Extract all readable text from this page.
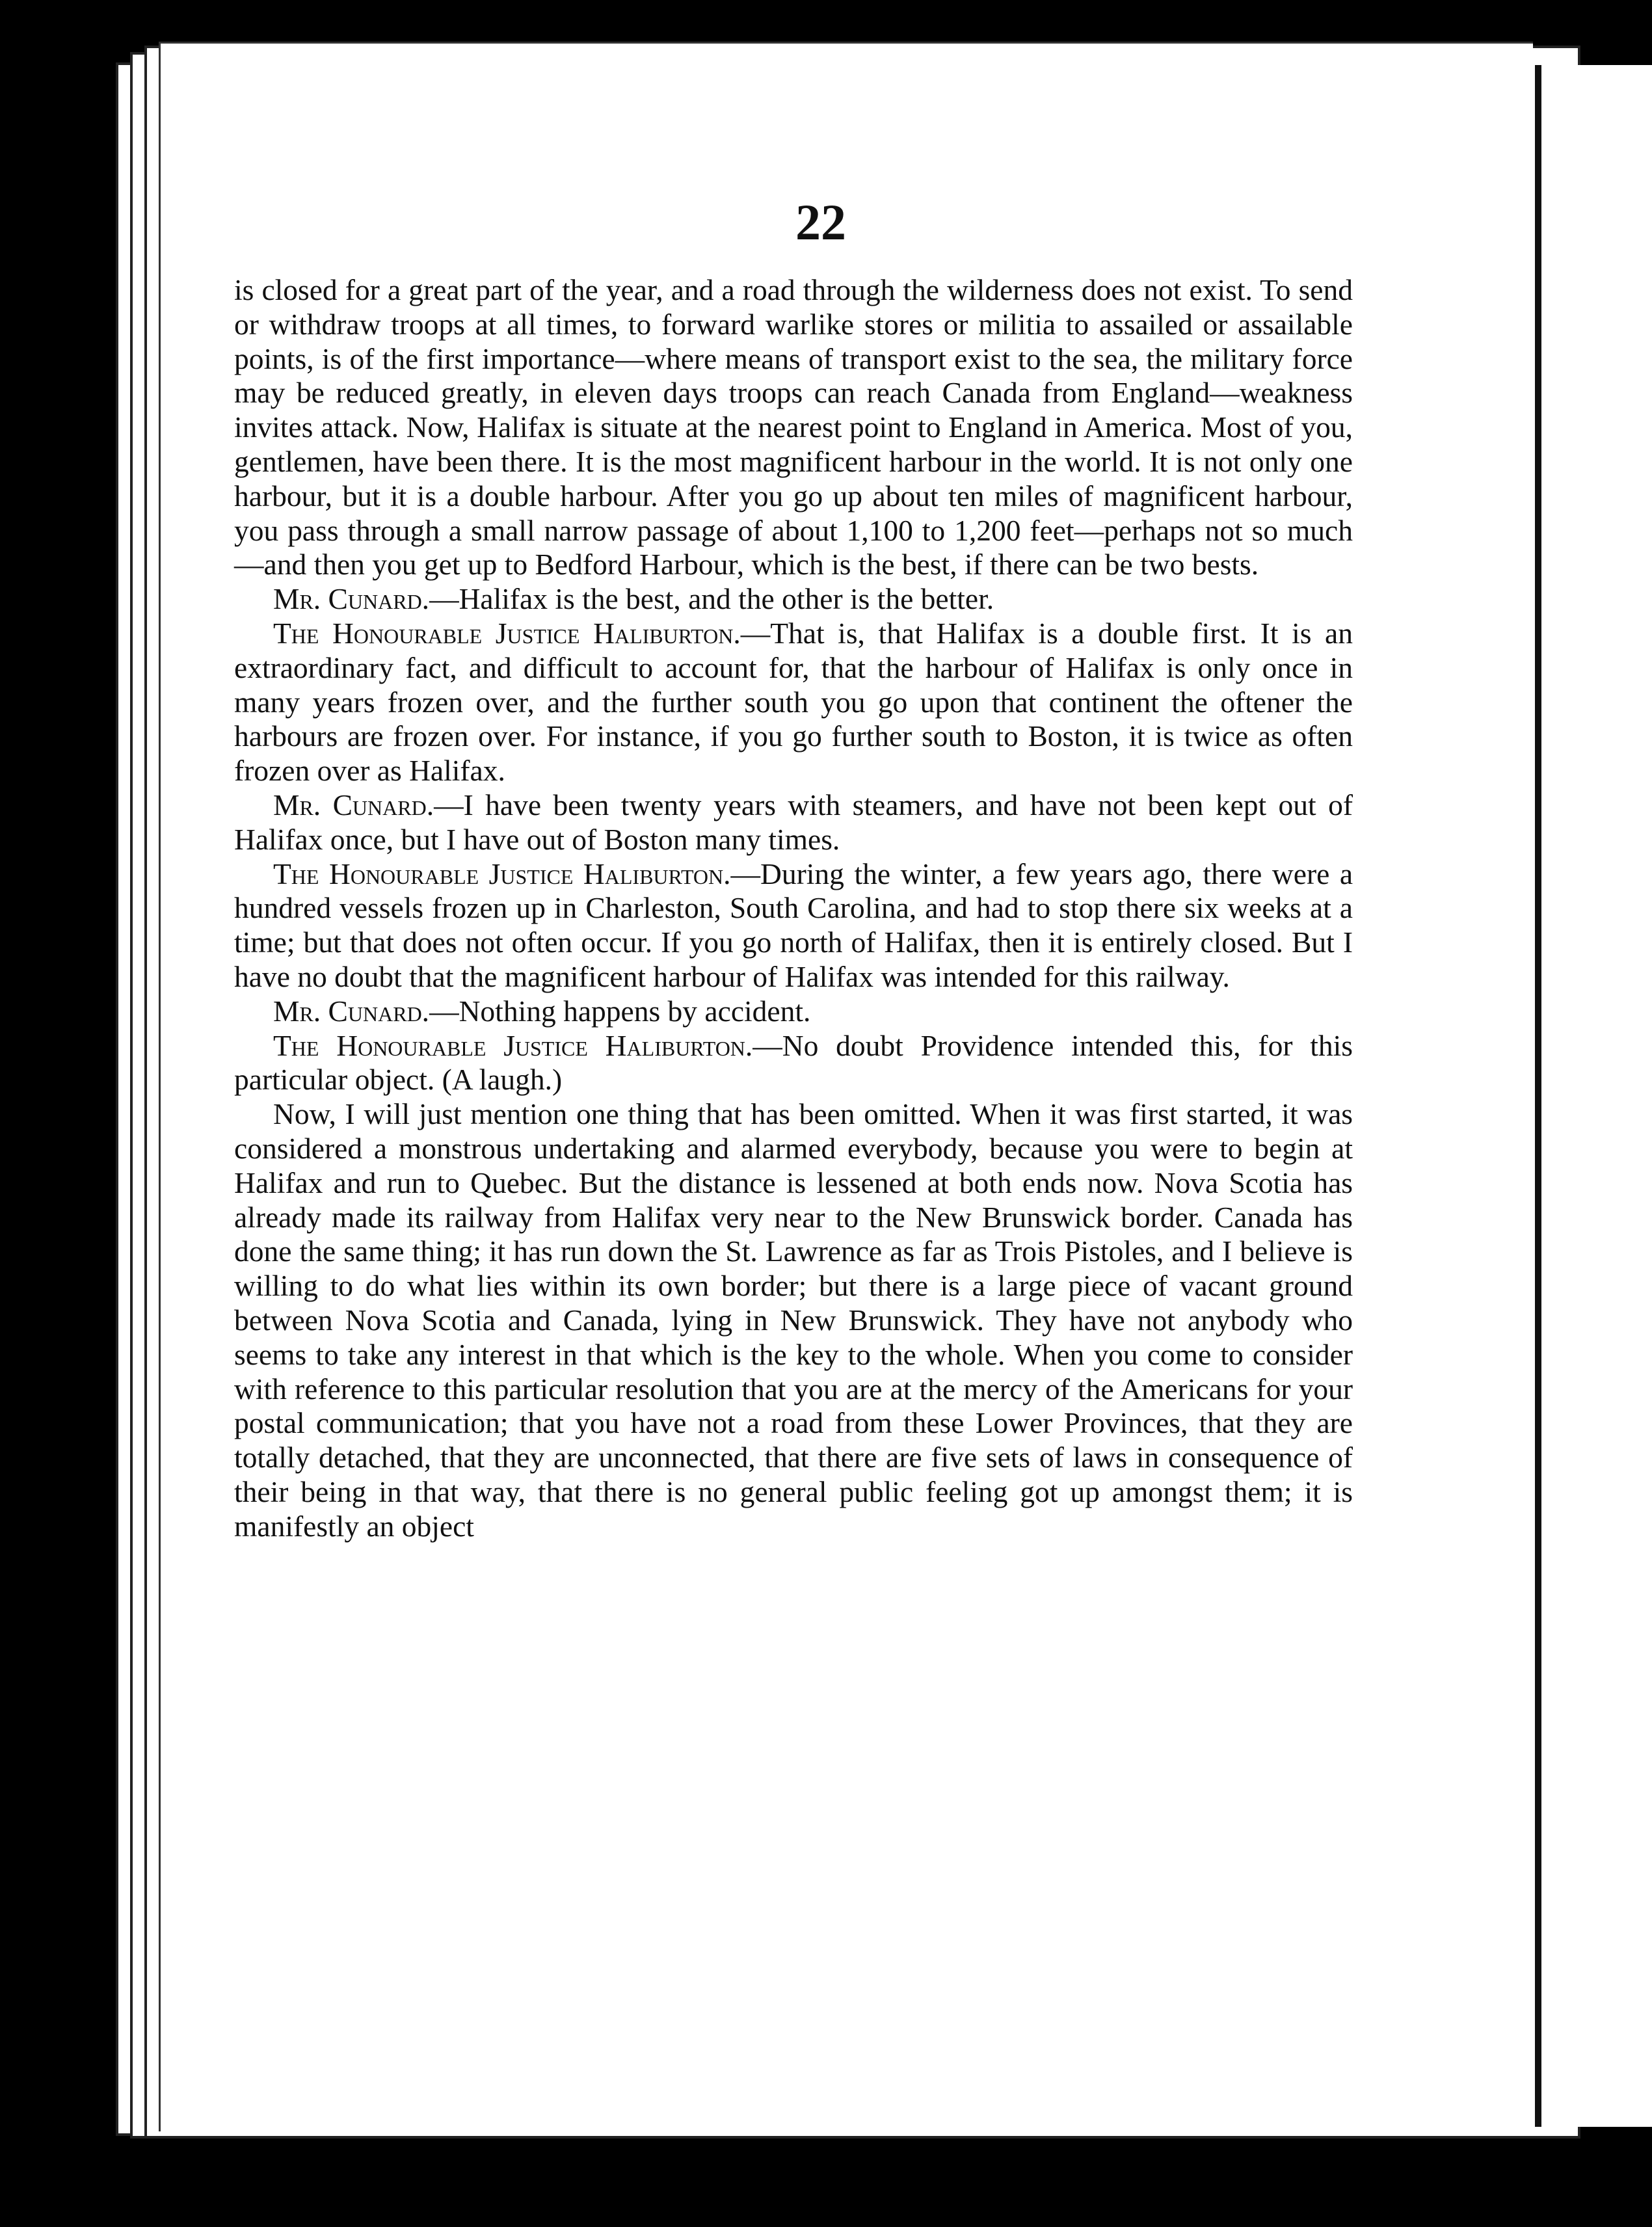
22

is closed for a great part of the year, and a road through the wilderness does not exist. To send or withdraw troops at all times, to forward warlike stores or militia to assailed or assailable points, is of the first importance—where means of transport exist to the sea, the military force may be reduced greatly, in eleven days troops can reach Canada from England—weakness invites attack. Now, Halifax is situate at the nearest point to England in America. Most of you, gentlemen, have been there. It is the most magnificent harbour in the world. It is not only one harbour, but it is a double harbour. After you go up about ten miles of magnificent harbour, you pass through a small narrow passage of about 1,100 to 1,200 feet—perhaps not so much—and then you get up to Bedford Harbour, which is the best, if there can be two bests.

Mr. Cunard.—Halifax is the best, and the other is the better.

The Honourable Justice Haliburton.—That is, that Halifax is a double first. It is an extraordinary fact, and difficult to account for, that the harbour of Halifax is only once in many years frozen over, and the further south you go upon that continent the oftener the harbours are frozen over. For instance, if you go further south to Boston, it is twice as often frozen over as Halifax.

Mr. Cunard.—I have been twenty years with steamers, and have not been kept out of Halifax once, but I have out of Boston many times.

The Honourable Justice Haliburton.—During the winter, a few years ago, there were a hundred vessels frozen up in Charleston, South Carolina, and had to stop there six weeks at a time; but that does not often occur. If you go north of Halifax, then it is entirely closed. But I have no doubt that the magnificent harbour of Halifax was intended for this railway.

Mr. Cunard.—Nothing happens by accident.

The Honourable Justice Haliburton.—No doubt Providence intended this, for this particular object. (A laugh.)

Now, I will just mention one thing that has been omitted. When it was first started, it was considered a monstrous undertaking and alarmed everybody, because you were to begin at Halifax and run to Quebec. But the distance is lessened at both ends now. Nova Scotia has already made its railway from Halifax very near to the New Brunswick border. Canada has done the same thing; it has run down the St. Lawrence as far as Trois Pistoles, and I believe is willing to do what lies within its own border; but there is a large piece of vacant ground between Nova Scotia and Canada, lying in New Brunswick. They have not anybody who seems to take any interest in that which is the key to the whole. When you come to consider with reference to this particular resolution that you are at the mercy of the Americans for your postal communication; that you have not a road from these Lower Provinces, that they are totally detached, that they are unconnected, that there are five sets of laws in consequence of their being in that way, that there is no general public feeling got up amongst them; it is manifestly an object
